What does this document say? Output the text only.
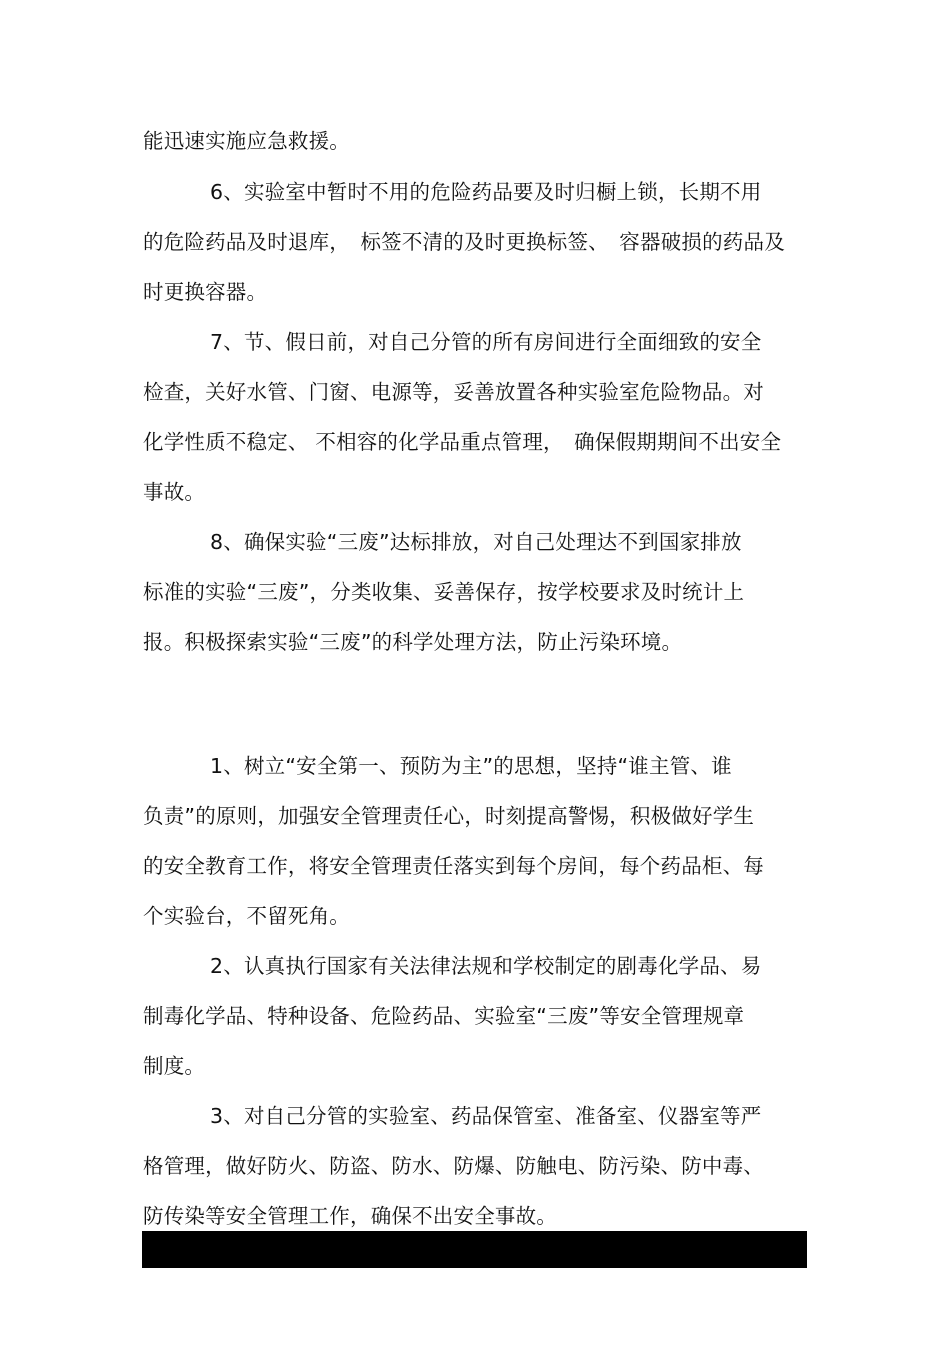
能迅速实施应急救援。
6、实验室中暂时不用的危险药品要及时归橱上锁，长期不用
的危险药品及时退库，　标签不清的及时更换标签、　容器破损的药品及
时更换容器。
7、节、假日前，对自己分管的所有房间进行全面细致的安全
检查，关好水管、门窗、电源等，妥善放置各种实验室危险物品。对
化学性质不稳定、 不相容的化学品重点管理，　确保假期期间不出安全
事故。
8、确保实验“三废”达标排放，对自己处理达不到国家排放
标准的实验“三废”，分类收集、妥善保存，按学校要求及时统计上
报。积极探索实验“三废”的科学处理方法，防止污染环境。
1、树立“安全第一、预防为主”的思想，坚持“谁主管、谁
负责”的原则，加强安全管理责任心，时刻提高警惕，积极做好学生
的安全教育工作，将安全管理责任落实到每个房间，每个药品柜、每
个实验台，不留死角。
2、认真执行国家有关法律法规和学校制定的剧毒化学品、易
制毒化学品、特种设备、危险药品、实验室“三废”等安全管理规章
制度。
3、对自己分管的实验室、药品保管室、准备室、仪器室等严
格管理，做好防火、防盗、防水、防爆、防触电、防污染、防中毒、
防传染等安全管理工作，确保不出安全事故。
